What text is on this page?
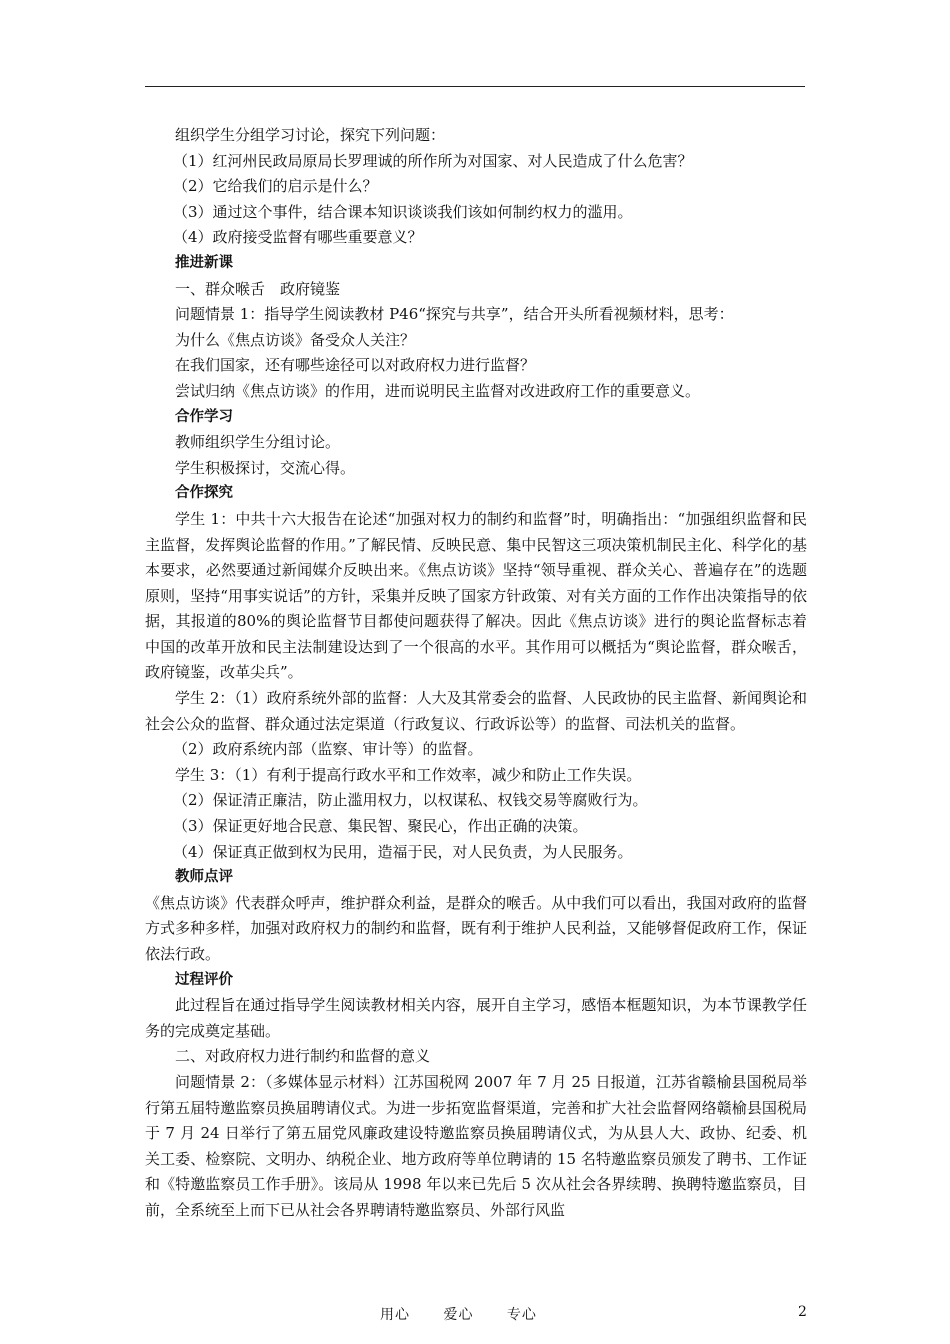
组织学生分组学习讨论，探究下列问题：
（1）红河州民政局原局长罗理诚的所作所为对国家、对人民造成了什么危害？
（2）它给我们的启示是什么？
（3）通过这个事件，结合课本知识谈谈我们该如何制约权力的滥用。
（4）政府接受监督有哪些重要意义？
推进新课
一、群众喉舌　政府镜鉴
问题情景 1：指导学生阅读教材 P46“探究与共享”，结合开头所看视频材料，思考：
为什么《焦点访谈》备受众人关注？
在我们国家，还有哪些途径可以对政府权力进行监督？
尝试归纳《焦点访谈》的作用，进而说明民主监督对改进政府工作的重要意义。
合作学习
教师组织学生分组讨论。
学生积极探讨，交流心得。
合作探究
学生 1：中共十六大报告在论述“加强对权力的制约和监督”时，明确指出：“加强组织监督和民主监督，发挥舆论监督的作用。”了解民情、反映民意、集中民智这三项决策机制民主化、科学化的基本要求，必然要通过新闻媒介反映出来。《焦点访谈》坚持“领导重视、群众关心、普遍存在”的选题原则，坚持“用事实说话”的方针，采集并反映了国家方针政策、对有关方面的工作作出决策指导的依据，其报道的80%的舆论监督节目都使问题获得了解决。因此《焦点访谈》进行的舆论监督标志着中国的改革开放和民主法制建设达到了一个很高的水平。其作用可以概括为“舆论监督，群众喉舌，政府镜鉴，改革尖兵”。
学生 2：（1）政府系统外部的监督：人大及其常委会的监督、人民政协的民主监督、新闻舆论和社会公众的监督、群众通过法定渠道（行政复议、行政诉讼等）的监督、司法机关的监督。
（2）政府系统内部（监察、审计等）的监督。
学生 3：（1）有利于提高行政水平和工作效率，减少和防止工作失误。
（2）保证清正廉洁，防止滥用权力，以权谋私、权钱交易等腐败行为。
（3）保证更好地合民意、集民智、聚民心，作出正确的决策。
（4）保证真正做到权为民用，造福于民，对人民负责，为人民服务。
教师点评
《焦点访谈》代表群众呼声，维护群众利益，是群众的喉舌。从中我们可以看出，我国对政府的监督方式多种多样，加强对政府权力的制约和监督，既有利于维护人民利益，又能够督促政府工作，保证依法行政。
过程评价
此过程旨在通过指导学生阅读教材相关内容，展开自主学习，感悟本框题知识，为本节课教学任务的完成奠定基础。
二、对政府权力进行制约和监督的意义
问题情景 2：（多媒体显示材料）江苏国税网 2007 年 7 月 25 日报道，江苏省赣榆县国税局举行第五届特邀监察员换届聘请仪式。为进一步拓宽监督渠道，完善和扩大社会监督网络赣榆县国税局于 7 月 24 日举行了第五届党风廉政建设特邀监察员换届聘请仪式，为从县人大、政协、纪委、机关工委、检察院、文明办、纳税企业、地方政府等单位聘请的 15 名特邀监察员颁发了聘书、工作证和《特邀监察员工作手册》。该局从 1998 年以来已先后 5 次从社会各界续聘、换聘特邀监察员，目前，全系统至上而下已从社会各界聘请特邀监察员、外部行风监
用心 爱心 专心	2
